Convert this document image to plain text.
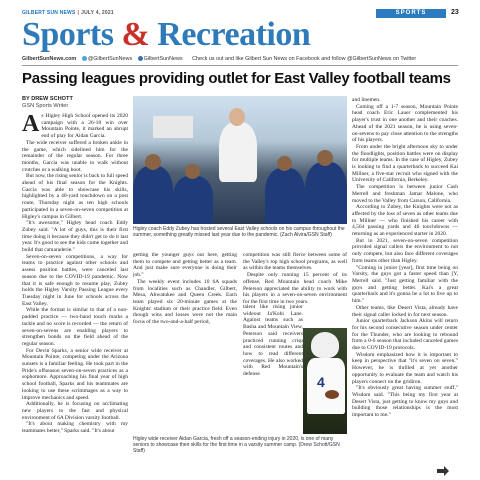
GILBERT SUN NEWS | JULY 4, 2021	SPORTS	23
Sports & Recreation
GilbertSunNews.com @GilbertSunNews GilbertSunNews Check us out and like Gilbert Sun News on Facebook and follow @GilbertSunNews on Twitter
Passing leagues providing outlet for East Valley football teams
BY DREW SCHOTT
GSN Sports Writer

As Higley High School opened its 2020 campaign with a 26-18 win over Mountain Pointe, it marked an abrupt end of play for Aidan Garcia.

The wide receiver suffered a broken ankle in the game, which sidelined him for the remainder of the regular season. For three months, Garcia was unable to walk without crutches or a walking boot.

But now, the rising senior is back to full speed ahead of his final season for the Knights. Garcia was able to showcase his skills, highlighted by a 40-yard touchdown on a post route, Thursday night as ten high schools participated in a seven-on-seven competition at Higley's campus in Gilbert.

"It's awesome," Higley head coach Eddy Zubey said. "A lot of guys, this is their first time doing it because they didn't get to do it last year. It's good to see the kids come together and build that camaraderie."

Seven-on-seven competitions, a way for teams to practice against other schools and assess position battles, were canceled last season due to the COVID-19 pandemic. Now that it is safe enough to resume play, Zubey holds the Higley Varsity Passing League every Tuesday night in June for schools across the East Valley.

While the format is similar to that of a non-padded practice — two-hand touch marks a tackle and no score is recorded — the return of seven-on-sevens are enabling players to strengthen bonds on the field ahead of the regular season.

For Devin Sparks, a senior wide receiver at Mountain Pointe, competing under the Arizona sunsets is a familiar feeling. He took part in the Pride's offseason seven-on-seven practices as a sophomore. Approaching his final year of high school football, Sparks and his teammates are looking to use these scrimmages as a way to improve mechanics and speed.

Additionally, he is focusing on acclimating new players to the fast and physical environment of 6A Division varsity football.

"It's about making chemistry with my teammates better," Sparks said. "It's about

Higley coach Eddy Zubey has hosted several East Valley schools on his campus throughout the summer, something greatly missed last year due to the pandemic. (Zach Alvira/GSN Staff)

getting the younger guys out here, getting them to compete and getting better as a team. And just make sure everyone is doing their job."

The weekly event includes 10 6A squads from localities such as Chandler, Gilbert, Mesa, Ahwatukee and Queen Creek. Each team played six 20-minute games at the Knights' stadium or their practice field. Even though wins and losses were not the main focus of the two-and-a-half period,

competition was still fierce between some of the Valley's top high school programs, as well as within the teams themselves.

Despite only running 15 percent of its offense, Red Mountain head coach Mike Peterson appreciated the ability to work with his players in a seven-on-seven environment for the first time in two years.

talent like rising junior wideout Ja'Kobi Lane. Against teams such as Basha and Mountain View, Peterson said receivers practiced running crisp and consistent routes and how to read different coverages. He also worked with Red Mountain's defense	4
Higley wide receiver Aidan Garcia, fresh off a season-ending injury in 2020, is one of many seniors to showcase their skills for the first time in a varsity summer camp. (Drew Schott/GSN Staff)

and linemen.

Coming off a 1-7 season, Mountain Pointe head coach Eric Lauer complemented his player's trust in one another and their coaches. Ahead of the 2021 season, he is using seven-on-sevens to pay close attention to the strengths of his players.

From under the bright afternoon sky to under the floodlights, position battles were on display for multiple teams. In the case of Higley, Zubey is looking to find a quarterback to succeed Kai Millner, a five-star recruit who signed with the University of California, Berkeley.

The competition is between junior Cash Merrell and freshman Jamar Malone, who moved to the Valley from Carson, California.

According to Zubey, the Knights were not as affected by the loss of seven as other teams due to Millner — who finished his career with 4,564 passing yards and 46 touchdowns — returning as an experienced starter in 2020.

But in 2021, seven-on-seven competition provided signal callers the environment to not only compete, but also face different coverages from teams other than Higley.

"Coming in junior [year], first time being on Varsity, the guys got a faster speed than [Y, Merrell said. "Just getting familiar with the guys and getting better. Kai's a great quarterback and it's gonna be a lot to live up to him."

Other teams, like Desert Vista, already have their signal caller locked in for next season.

Junior quarterback Jackson Akins will return for his second consecutive season under center for the Thunder, who are looking to rebound from a 0-6 season that included canceled games due to COVID-19 protocols.

Wisdom emphasized how it is important to keep in perspective that "it's seven on seven." However, he is thrilled at yet another opportunity to evaluate the team and watch his players connect on the gridiron.

"It's obviously great having summer stuff," Wisdom said. "This being my first year at Desert Vista, just getting to know my guys and building those relationships is the most important to me."
